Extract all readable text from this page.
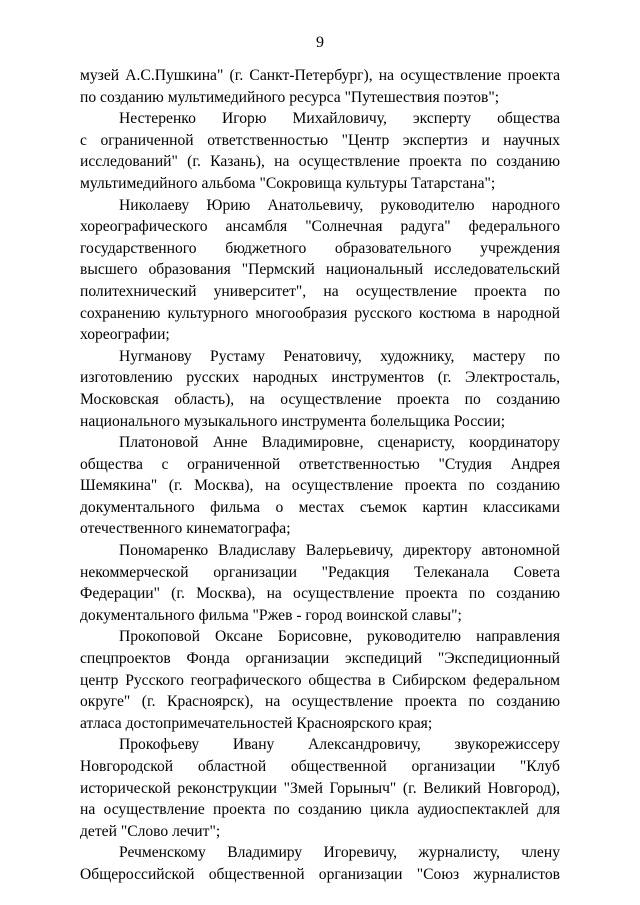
9
музей А.С.Пушкина" (г. Санкт-Петербург), на осуществление проекта
по созданию мультимедийного ресурса "Путешествия поэтов";
Нестеренко Игорю Михайловичу, эксперту общества
с ограниченной ответственностью "Центр экспертиз и научных
исследований" (г. Казань), на осуществление проекта по созданию
мультимедийного альбома "Сокровища культуры Татарстана";
Николаеву Юрию Анатольевичу, руководителю народного
хореографического ансамбля "Солнечная радуга" федерального
государственного бюджетного образовательного учреждения
высшего образования "Пермский национальный исследовательский
политехнический университет", на осуществление проекта по
сохранению культурного многообразия русского костюма в народной
хореографии;
Нугманову Рустаму Ренатовичу, художнику, мастеру по
изготовлению русских народных инструментов (г. Электросталь,
Московская область), на осуществление проекта по созданию
национального музыкального инструмента болельщика России;
Платоновой Анне Владимировне, сценаристу, координатору
общества с ограниченной ответственностью "Студия Андрея
Шемякина" (г. Москва), на осуществление проекта по созданию
документального фильма о местах съемок картин классиками
отечественного кинематографа;
Пономаренко Владиславу Валерьевичу, директору автономной
некоммерческой организации "Редакция Телеканала Совета
Федерации" (г. Москва), на осуществление проекта по созданию
документального фильма "Ржев - город воинской славы";
Прокоповой Оксане Борисовне, руководителю направления
спецпроектов Фонда организации экспедиций "Экспедиционный
центр Русского географического общества в Сибирском федеральном
округе" (г. Красноярск), на осуществление проекта по созданию
атласа достопримечательностей Красноярского края;
Прокофьеву Ивану Александровичу, звукорежиссеру
Новгородской областной общественной организации "Клуб
исторической реконструкции "Змей Горыныч" (г. Великий Новгород),
на осуществление проекта по созданию цикла аудиоспектаклей для
детей "Слово лечит";
Речменскому Владимиру Игоревичу, журналисту, члену
Общероссийской общественной организации "Союз журналистов
